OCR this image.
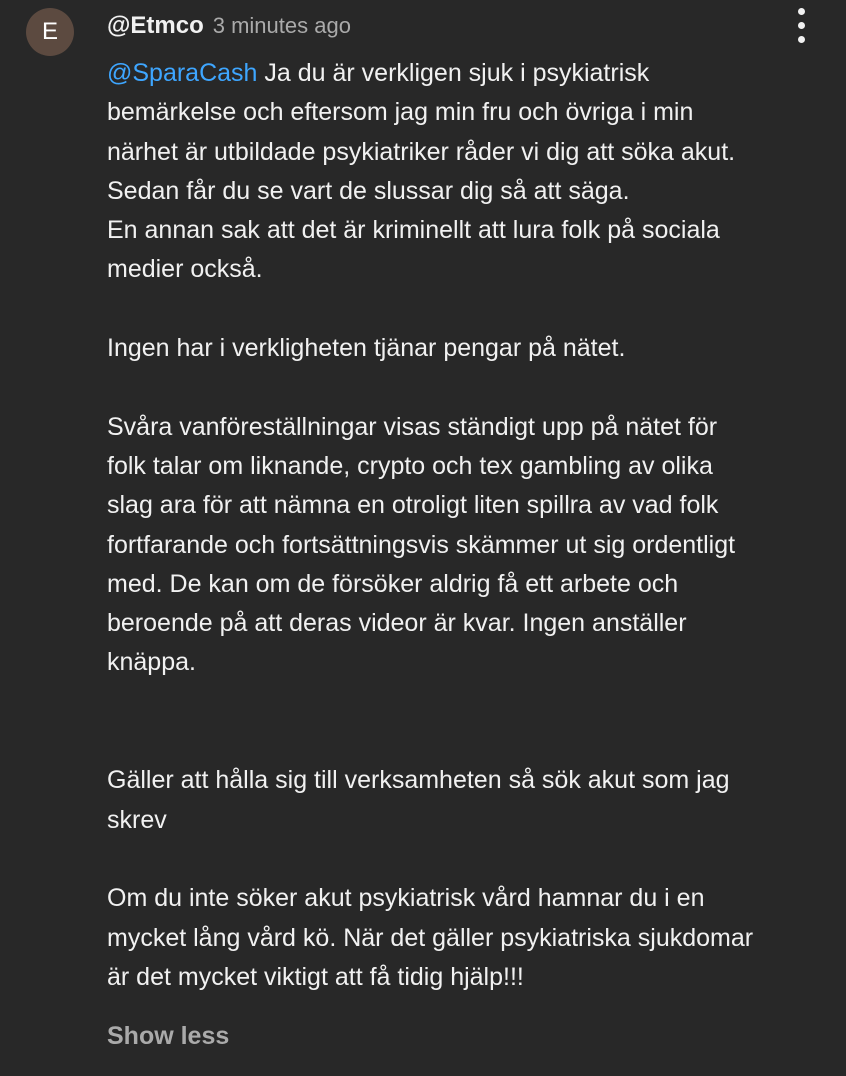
E @Etmco 3 minutes ago
@SparaCash Ja du är verkligen sjuk i psykiatrisk
bemärkelse och eftersom jag min fru och övriga i min
närhet är utbildade psykiatriker råder vi dig att söka akut.
Sedan får du se vart de slussar dig så att säga.
En annan sak att det är kriminellt att lura folk på sociala
medier också.

Ingen har i verkligheten tjänar pengar på nätet.

Svåra vanföreställningar visas ständigt upp på nätet för
folk talar om liknande, crypto och tex gambling av olika
slag ara för att nämna en otroligt liten spillra av vad folk
fortfarande och fortsättningsvis skämmer ut sig ordentligt
med. De kan om de försöker aldrig få ett arbete och
beroende på att deras videor är kvar. Ingen anställer
knäppa.

Gäller att hålla sig till verksamheten så sök akut som jag
skrev

Om du inte söker akut psykiatrisk vård hamnar du i en
mycket lång vård kö. När det gäller psykiatriska sjukdomar
är det mycket viktigt att få tidig hjälp!!!
Show less
